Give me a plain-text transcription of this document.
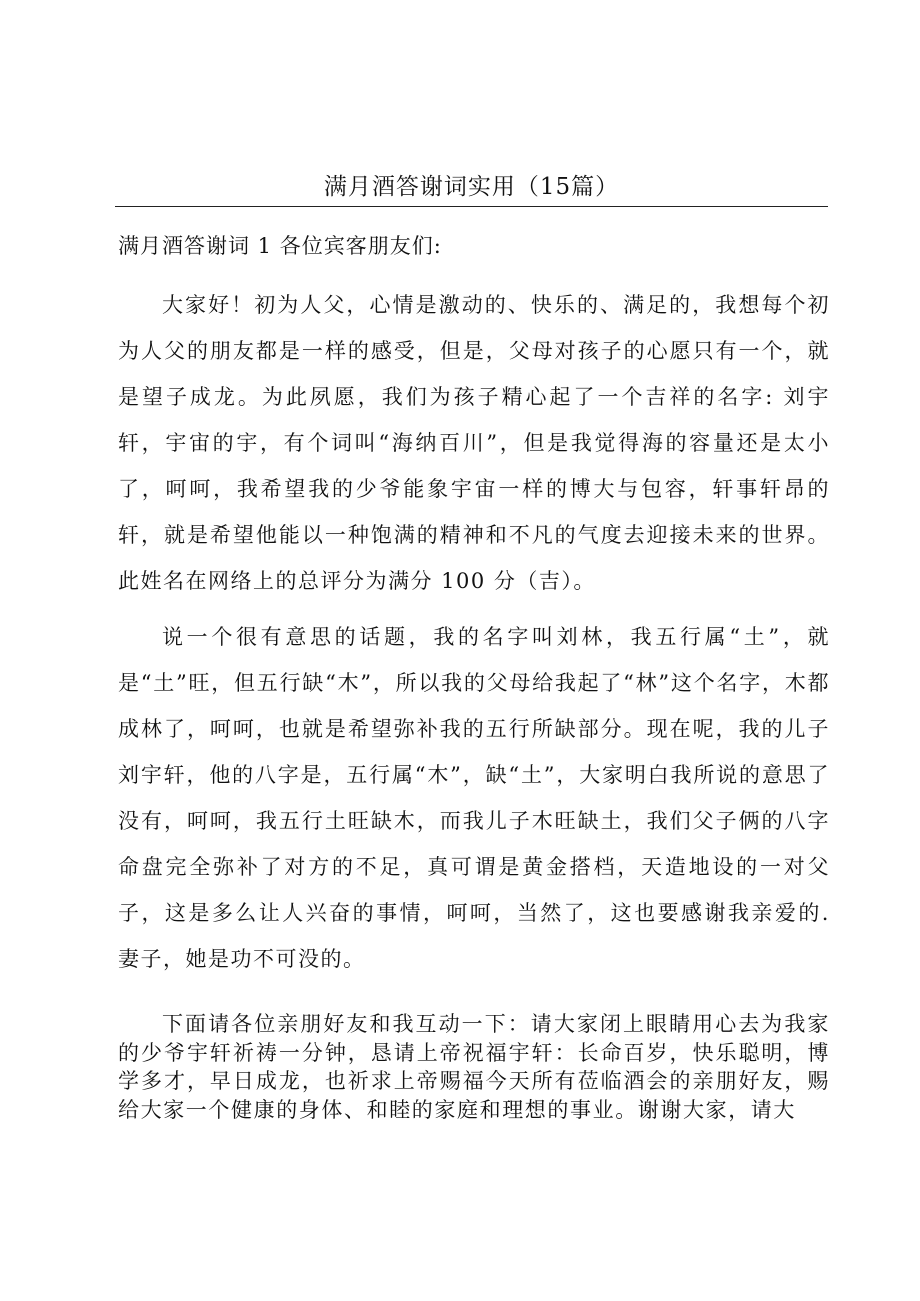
满月酒答谢词实用（15篇）
满月酒答谢词 1 各位宾客朋友们:

大家好！初为人父，心情是激动的、快乐的、满足的，我想每个初为人父的朋友都是一样的感受，但是，父母对孩子的心愿只有一个，就是望子成龙。为此夙愿，我们为孩子精心起了一个吉祥的名字: 刘宇轩，宇宙的宇，有个词叫“海纳百川”，但是我觉得海的容量还是太小了，呵呵，我希望我的少爷能象宇宙一样的博大与包容，轩事轩昂的轩，就是希望他能以一种饱满的精神和不凡的气度去迎接未来的世界。此姓名在网络上的总评分为满分 100 分（吉）。

说一个很有意思的话题，我的名字叫刘林，我五行属“土”，就是“土”旺，但五行缺“木”，所以我的父母给我起了“林”这个名字，木都成林了，呵呵，也就是希望弥补我的五行所缺部分。现在呢，我的儿子刘宇轩，他的八字是，五行属“木”，缺“土”，大家明白我所说的意思了没有，呵呵，我五行土旺缺木，而我儿子木旺缺土，我们父子俩的八字命盘完全弥补了对方的不足，真可谓是黄金搭档，天造地设的一对父子，这是多么让人兴奋的事情，呵呵，当然了，这也要感谢我亲爱的. 妻子，她是功不可没的。

下面请各位亲朋好友和我互动一下：请大家闭上眼睛用心去为我家的少爷宇轩祈祷一分钟，恳请上帝祝福宇轩：长命百岁，快乐聪明，博学多才，早日成龙，也祈求上帝赐福今天所有莅临酒会的亲朋好友，赐给大家一个健康的身体、和睦的家庭和理想的事业。谢谢大家，请大
